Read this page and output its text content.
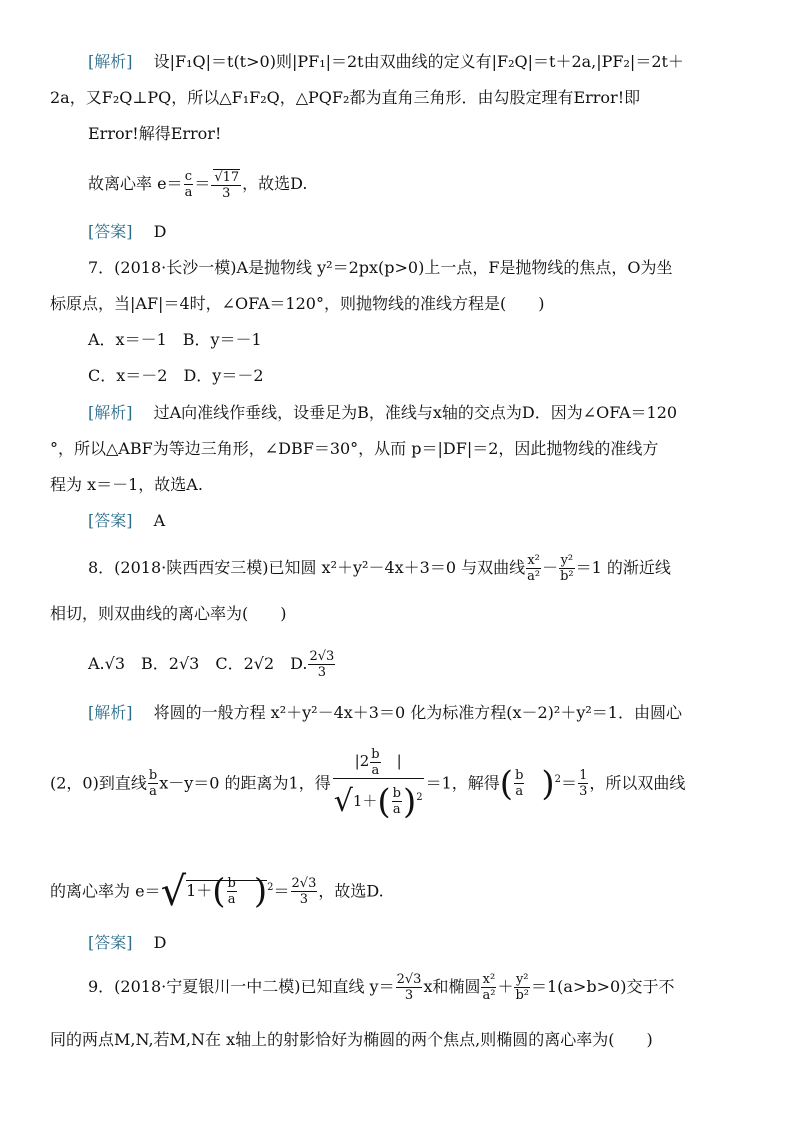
[解析]　 设|F₁Q|＝t(t>0)则|PF₁|＝2t由双曲线的定义有|F₂Q|＝t＋2a,|PF₂|＝2t＋
2a，又F₂Q⊥PQ，所以△F₁F₂Q，△PQF₂都为直角三角形．由勾股定理有Error!即
Error!解得Error!
故离心率 $e= \frac{c}{a} = \frac{√17}{3}$ ，故选D.
[答案]　 D
7．(2018·长沙一模)A是抛物线 y²＝2px(p>0)上一点，F是抛物线的焦点，O为坐
标原点，当|AF|＝4时，∠OFA＝120°，则抛物线的准线方程是(　　)
A．x＝－1　B．y＝－1
C．x＝－2　D．y＝－2
[解析]　 过A向准线作垂线，设垂足为B，准线与x轴的交点为D．因为∠OFA＝120
°，所以△ABF为等边三角形，∠DBF＝30°，从而 p＝|DF|＝2，因此抛物线的准线方
程为 x＝－1，故选A.
[答案]　 A
8．(2018·陕西西安三模)已知圆 x²＋y²－4x＋3＝0 与双曲线 $\frac{\text{x²}}{\text{a²}} - \frac{\text{y²}}{\text{b²}} =1$ 的渐近线
相切，则双曲线的离心率为(　　)
A.√3　B．2√3　C．2√2　D. $\frac{2√3}{3}$
[解析]　 将圆的一般方程 x²＋y²－4x＋3＝0 化为标准方程(x－2)²＋y²＝1．由圆心
(2，0)到直线 $\frac{b}{a} x-y=0$ 的距离为1，得 $\frac{|2 \frac{b}{a} |}{√1+( \frac{b}{a} )^2} =1$，解得( $\frac{b}{a}$
　 )$^2= \frac{1}{3}$ ，所以双曲线
的离心率为 $e=√1+( \frac{b}{a}$
　 )$^2= \frac{2√3}{3}$ ，故选D.
[答案]　 D
9．(2018·宁夏银川一中二模)已知直线 $y= \frac{2√3}{3}$ x和椭圆 $\frac{\text{x²}}{\text{a²}} + \frac{\text{y²}}{\text{b²}} =1(a>b>0)$交于不
同的两点M,N,若M,N在 x轴上的射影恰好为椭圆的两个焦点,则椭圆的离心率为(　　)
